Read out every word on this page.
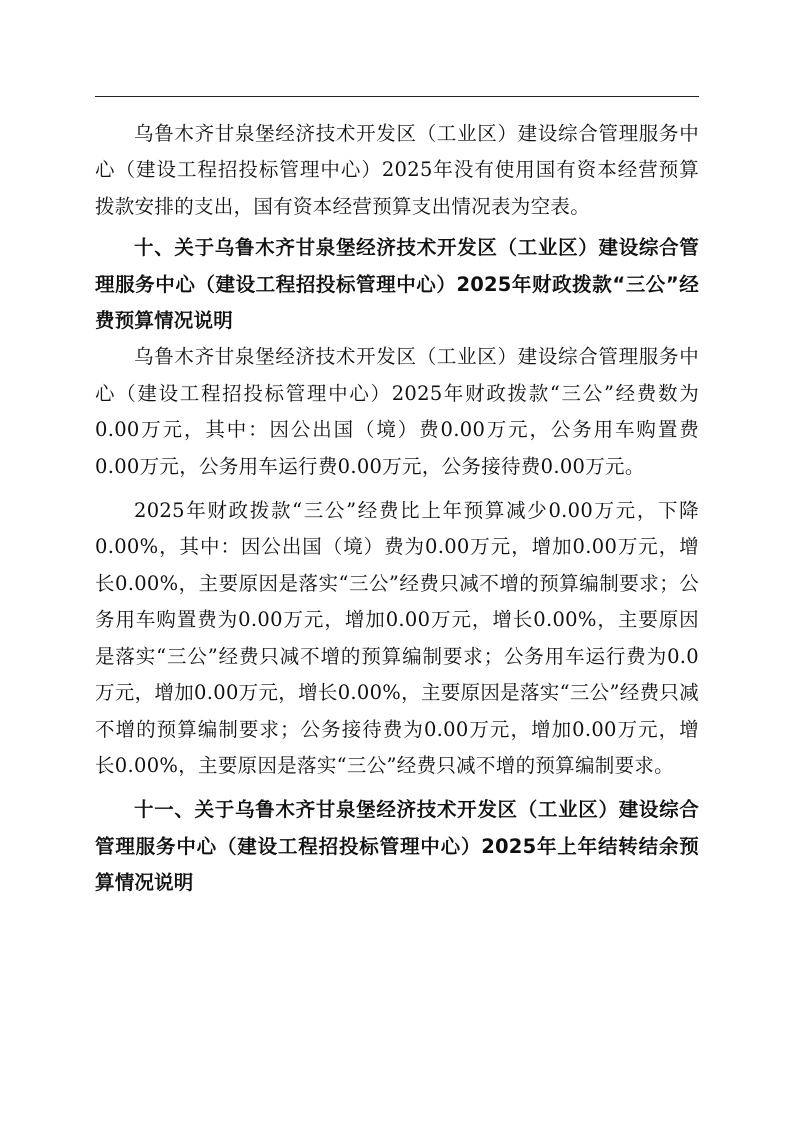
乌鲁木齐甘泉堡经济技术开发区（工业区）建设综合管理服务中心（建设工程招投标管理中心）2025年没有使用国有资本经营预算拨款安排的支出，国有资本经营预算支出情况表为空表。

十、关于乌鲁木齐甘泉堡经济技术开发区（工业区）建设综合管理服务中心（建设工程招投标管理中心）2025年财政拨款“三公”经费预算情况说明

乌鲁木齐甘泉堡经济技术开发区（工业区）建设综合管理服务中心（建设工程招投标管理中心）2025年财政拨款“三公”经费数为0.00万元，其中：因公出国（境）费0.00万元，公务用车购置费0.00万元，公务用车运行费0.00万元，公务接待费0.00万元。

2025年财政拨款“三公”经费比上年预算减少0.00万元，下降0.00%，其中：因公出国（境）费为0.00万元，增加0.00万元，增长0.00%，主要原因是落实“三公”经费只减不增的预算编制要求；公务用车购置费为0.00万元，增加0.00万元，增长0.00%，主要原因是落实“三公”经费只减不增的预算编制要求；公务用车运行费为0.0万元，增加0.00万元，增长0.00%，主要原因是落实“三公”经费只减不增的预算编制要求；公务接待费为0.00万元，增加0.00万元，增长0.00%，主要原因是落实“三公”经费只减不增的预算编制要求。

十一、关于乌鲁木齐甘泉堡经济技术开发区（工业区）建设综合管理服务中心（建设工程招投标管理中心）2025年上年结转结余预算情况说明
